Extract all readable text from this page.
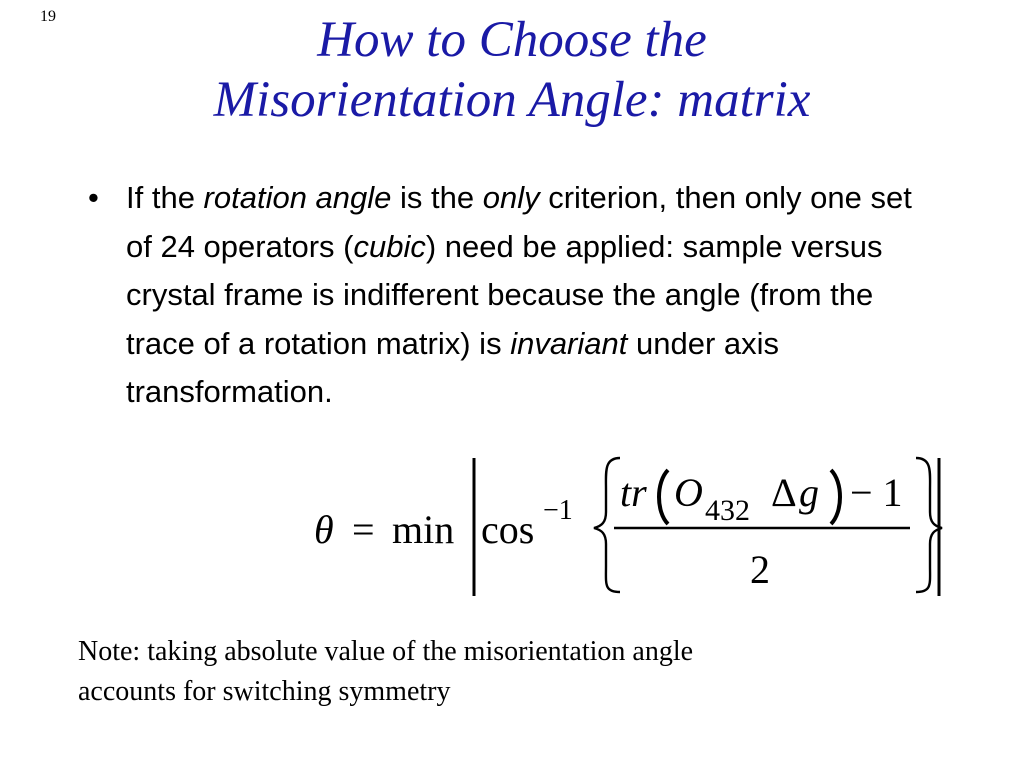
19	How to Choose the
Misorientation Angle: matrix
• If the rotation angle is the only criterion, then only one set of 24 operators (cubic) need be applied: sample versus crystal frame is indifferent because the angle (from the trace of a rotation matrix) is invariant under axis transformation.
θ = min cos −1 tr O 432 Δ g − 1
2
Note: taking absolute value of the misorientation angle
accounts for switching symmetry
